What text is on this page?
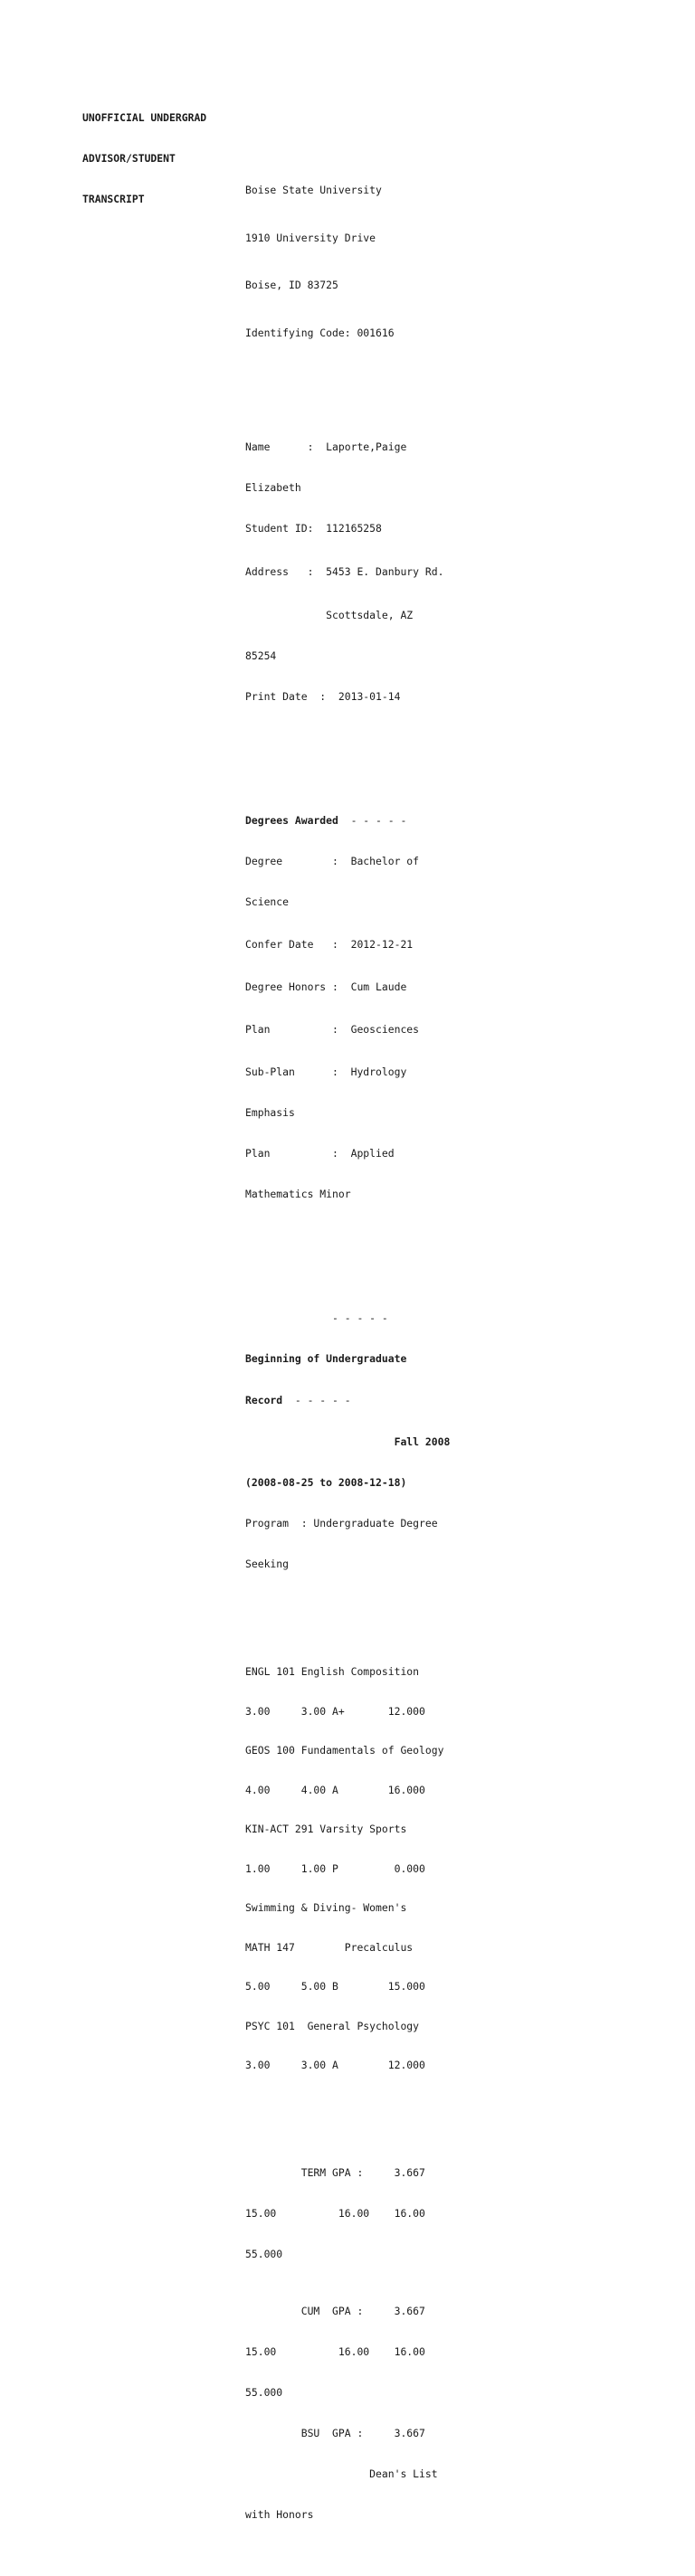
UNOFFICIAL UNDERGRAD

ADVISOR/STUDENT

TRANSCRIPT

Boise State University

1910 University Drive

Boise, ID 83725

Identifying Code: 001616

Name      :  Laporte,Paige

Elizabeth

Student ID:  112165258

Address   :  5453 E. Danbury Rd.

Scottsdale, AZ

85254

Print Date  :  2013-01-14

Degrees Awarded  - - - - -

Degree        :  Bachelor of

Science

Confer Date   :  2012-12-21

Degree Honors :  Cum Laude

Plan          :  Geosciences

Sub-Plan      :  Hydrology

Emphasis

Plan          :  Applied

Mathematics Minor

- - - - -

Beginning of Undergraduate

Record  - - - - -

Fall 2008

(2008-08-25 to 2008-12-18)

Program  : Undergraduate Degree

Seeking

ENGL 101 English Composition

3.00     3.00 A+       12.000

GEOS 100 Fundamentals of Geology

4.00     4.00 A        16.000

KIN-ACT 291 Varsity Sports

1.00     1.00 P         0.000

Swimming & Diving- Women's

MATH 147        Precalculus

5.00     5.00 B        15.000

PSYC 101  General Psychology

3.00     3.00 A        12.000

TERM GPA :     3.667

15.00          16.00    16.00

55.000

CUM  GPA :     3.667

15.00          16.00    16.00

55.000

BSU  GPA :     3.667

Dean's List

with Honors
